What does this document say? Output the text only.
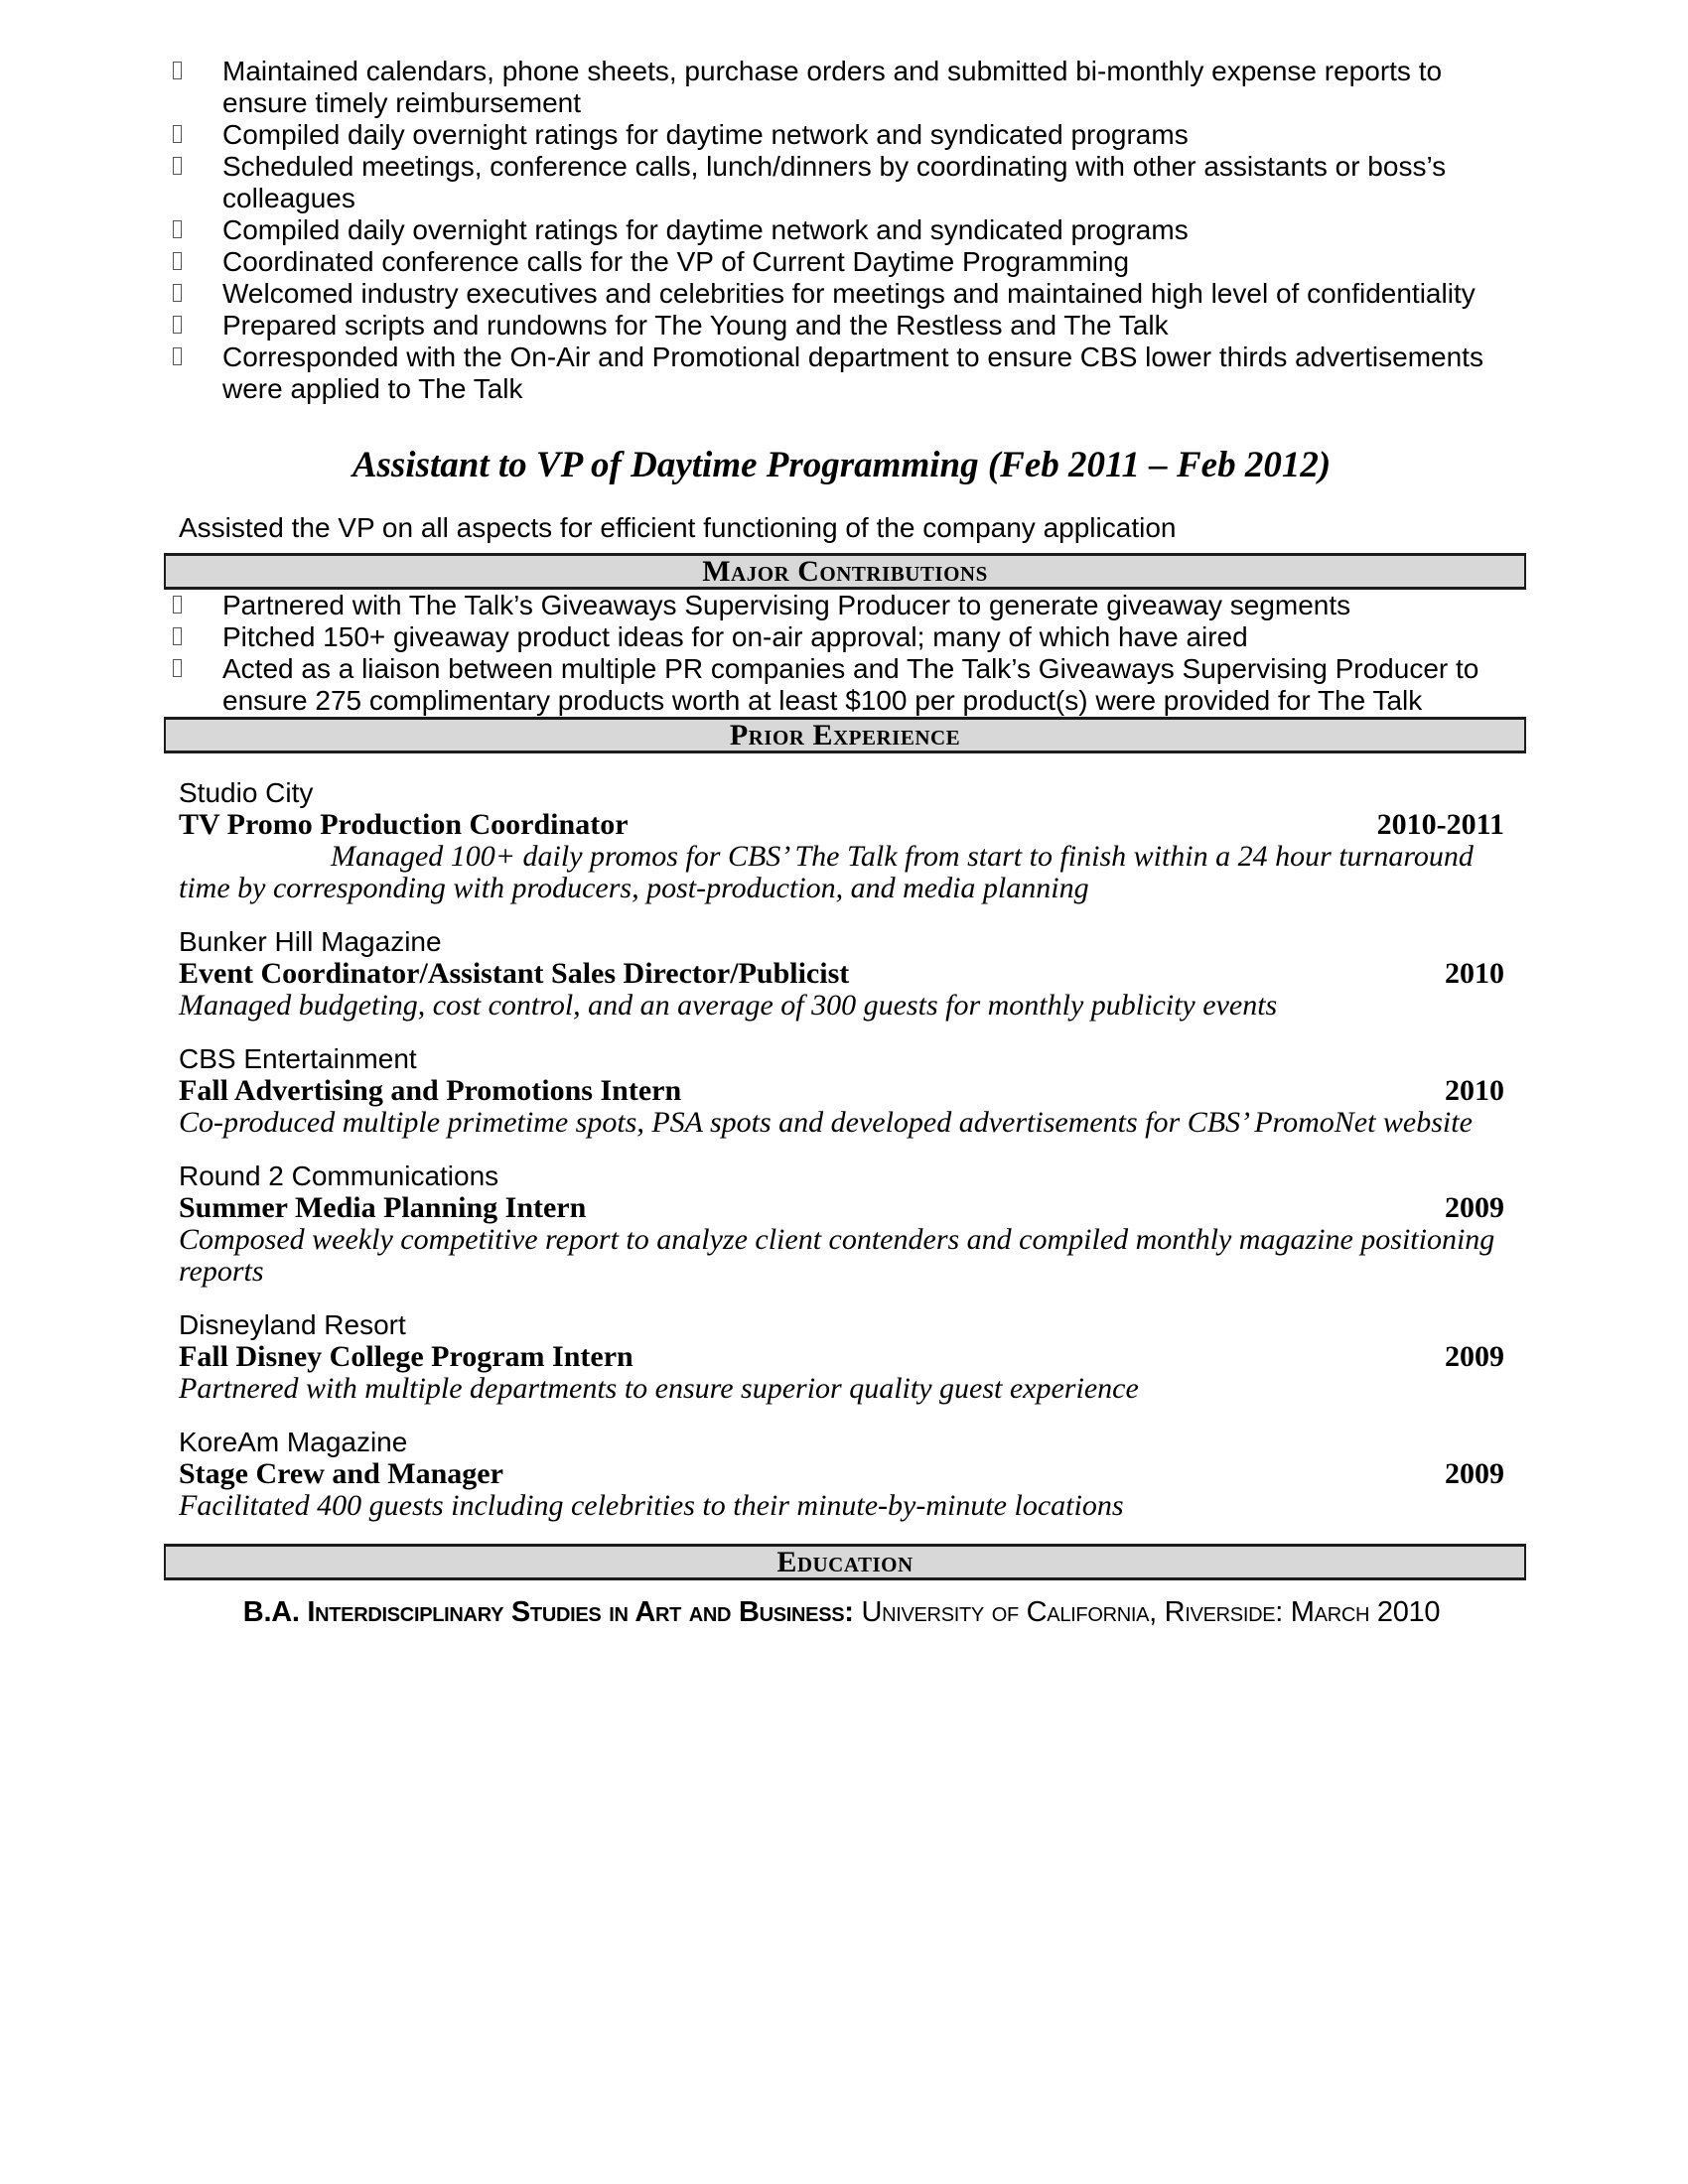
Maintained calendars, phone sheets, purchase orders and submitted bi-monthly expense reports to ensure timely reimbursement
Compiled daily overnight ratings for daytime network and syndicated programs
Scheduled meetings, conference calls, lunch/dinners by coordinating with other assistants or boss’s colleagues
Compiled daily overnight ratings for daytime network and syndicated programs
Coordinated conference calls for the VP of Current Daytime Programming
Welcomed industry executives and celebrities for meetings and maintained high level of confidentiality
Prepared scripts and rundowns for The Young and the Restless and The Talk
Corresponded with the On-Air and Promotional department to ensure CBS lower thirds advertisements were applied to The Talk
Assistant to VP of Daytime Programming (Feb 2011 – Feb 2012)

Assisted the VP on all aspects for efficient functioning of the company application

Major Contributions
Partnered with The Talk’s Giveaways Supervising Producer to generate giveaway segments
Pitched 150+ giveaway product ideas for on-air approval; many of which have aired
Acted as a liaison between multiple PR companies and The Talk’s Giveaways Supervising Producer to ensure 275 complimentary products worth at least $100 per product(s) were provided for The Talk
Prior Experience
Studio City
TV Promo Production Coordinator	2010-2011
Managed 100+ daily promos for CBS’ The Talk from start to finish within a 24 hour turnaround time by corresponding with producers, post-production, and media planning
Bunker Hill Magazine
Event Coordinator/Assistant Sales Director/Publicist	2010
Managed budgeting, cost control, and an average of 300 guests for monthly publicity events
CBS Entertainment
Fall Advertising and Promotions Intern	2010
Co-produced multiple primetime spots, PSA spots and developed advertisements for CBS’ PromoNet website
Round 2 Communications
Summer Media Planning Intern	2009
Composed weekly competitive report to analyze client contenders and compiled monthly magazine positioning reports
Disneyland Resort
Fall Disney College Program Intern	2009
Partnered with multiple departments to ensure superior quality guest experience
KoreAm Magazine
Stage Crew and Manager	2009
Facilitated 400 guests including celebrities to their minute-by-minute locations
Education

B.A. Interdisciplinary Studies in Art and Business: University of California, Riverside: March 2010
